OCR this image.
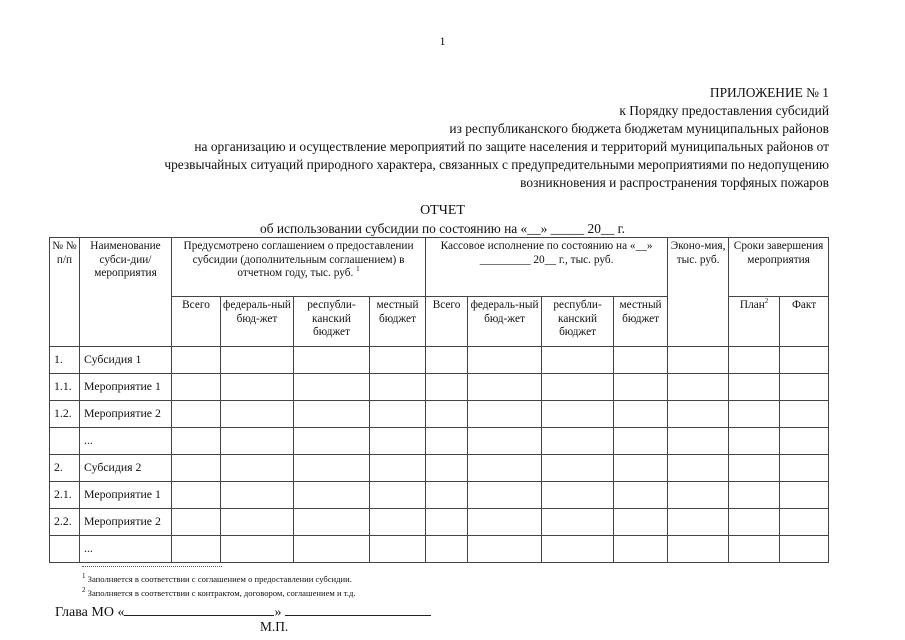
1
ПРИЛОЖЕНИЕ № 1
к Порядку предоставления субсидий
из республиканского бюджета бюджетам муниципальных районов
на организацию и осуществление мероприятий по защите населения и территорий муниципальных районов от
чрезвычайных ситуаций природного характера, связанных с предупредительными мероприятиями по недопущению
возникновения и распространения торфяных пожаров
ОТЧЕТ
об использовании субсидии по состоянию на «__» _____ 20__ г.
№ № п/п	Наименование субси-дии/мероприятия	Предусмотрено соглашением о предоставлении субсидии (дополнительным соглашением) в отчетном году, тыс. руб. $^1$				Кассовое исполнение по состоянию на «__» _________ 20__ г., тыс. руб.				Эконо-мия, тыс. руб.	Сроки завершения мероприятия	
		Всего	федераль-ный бюд-жет	республи-канский бюджет	местный бюджет	Всего	федераль-ный бюд-жет	республи-канский бюджет	местный бюджет		План$^2$	Факт
1.	Субсидия 1											
1.1.	Мероприятие 1											
1.2.	Мероприятие 2											
	...											
2.	Субсидия 2											
2.1.	Мероприятие 1											
2.2.	Мероприятие 2											
	...											
$^1$ Заполняется в соответствии с соглашением о предоставлении субсидии.
$^2$ Заполняется в соответствии с контрактом, договором, соглашением и т.д.
Глава МО «	»
М.П.
